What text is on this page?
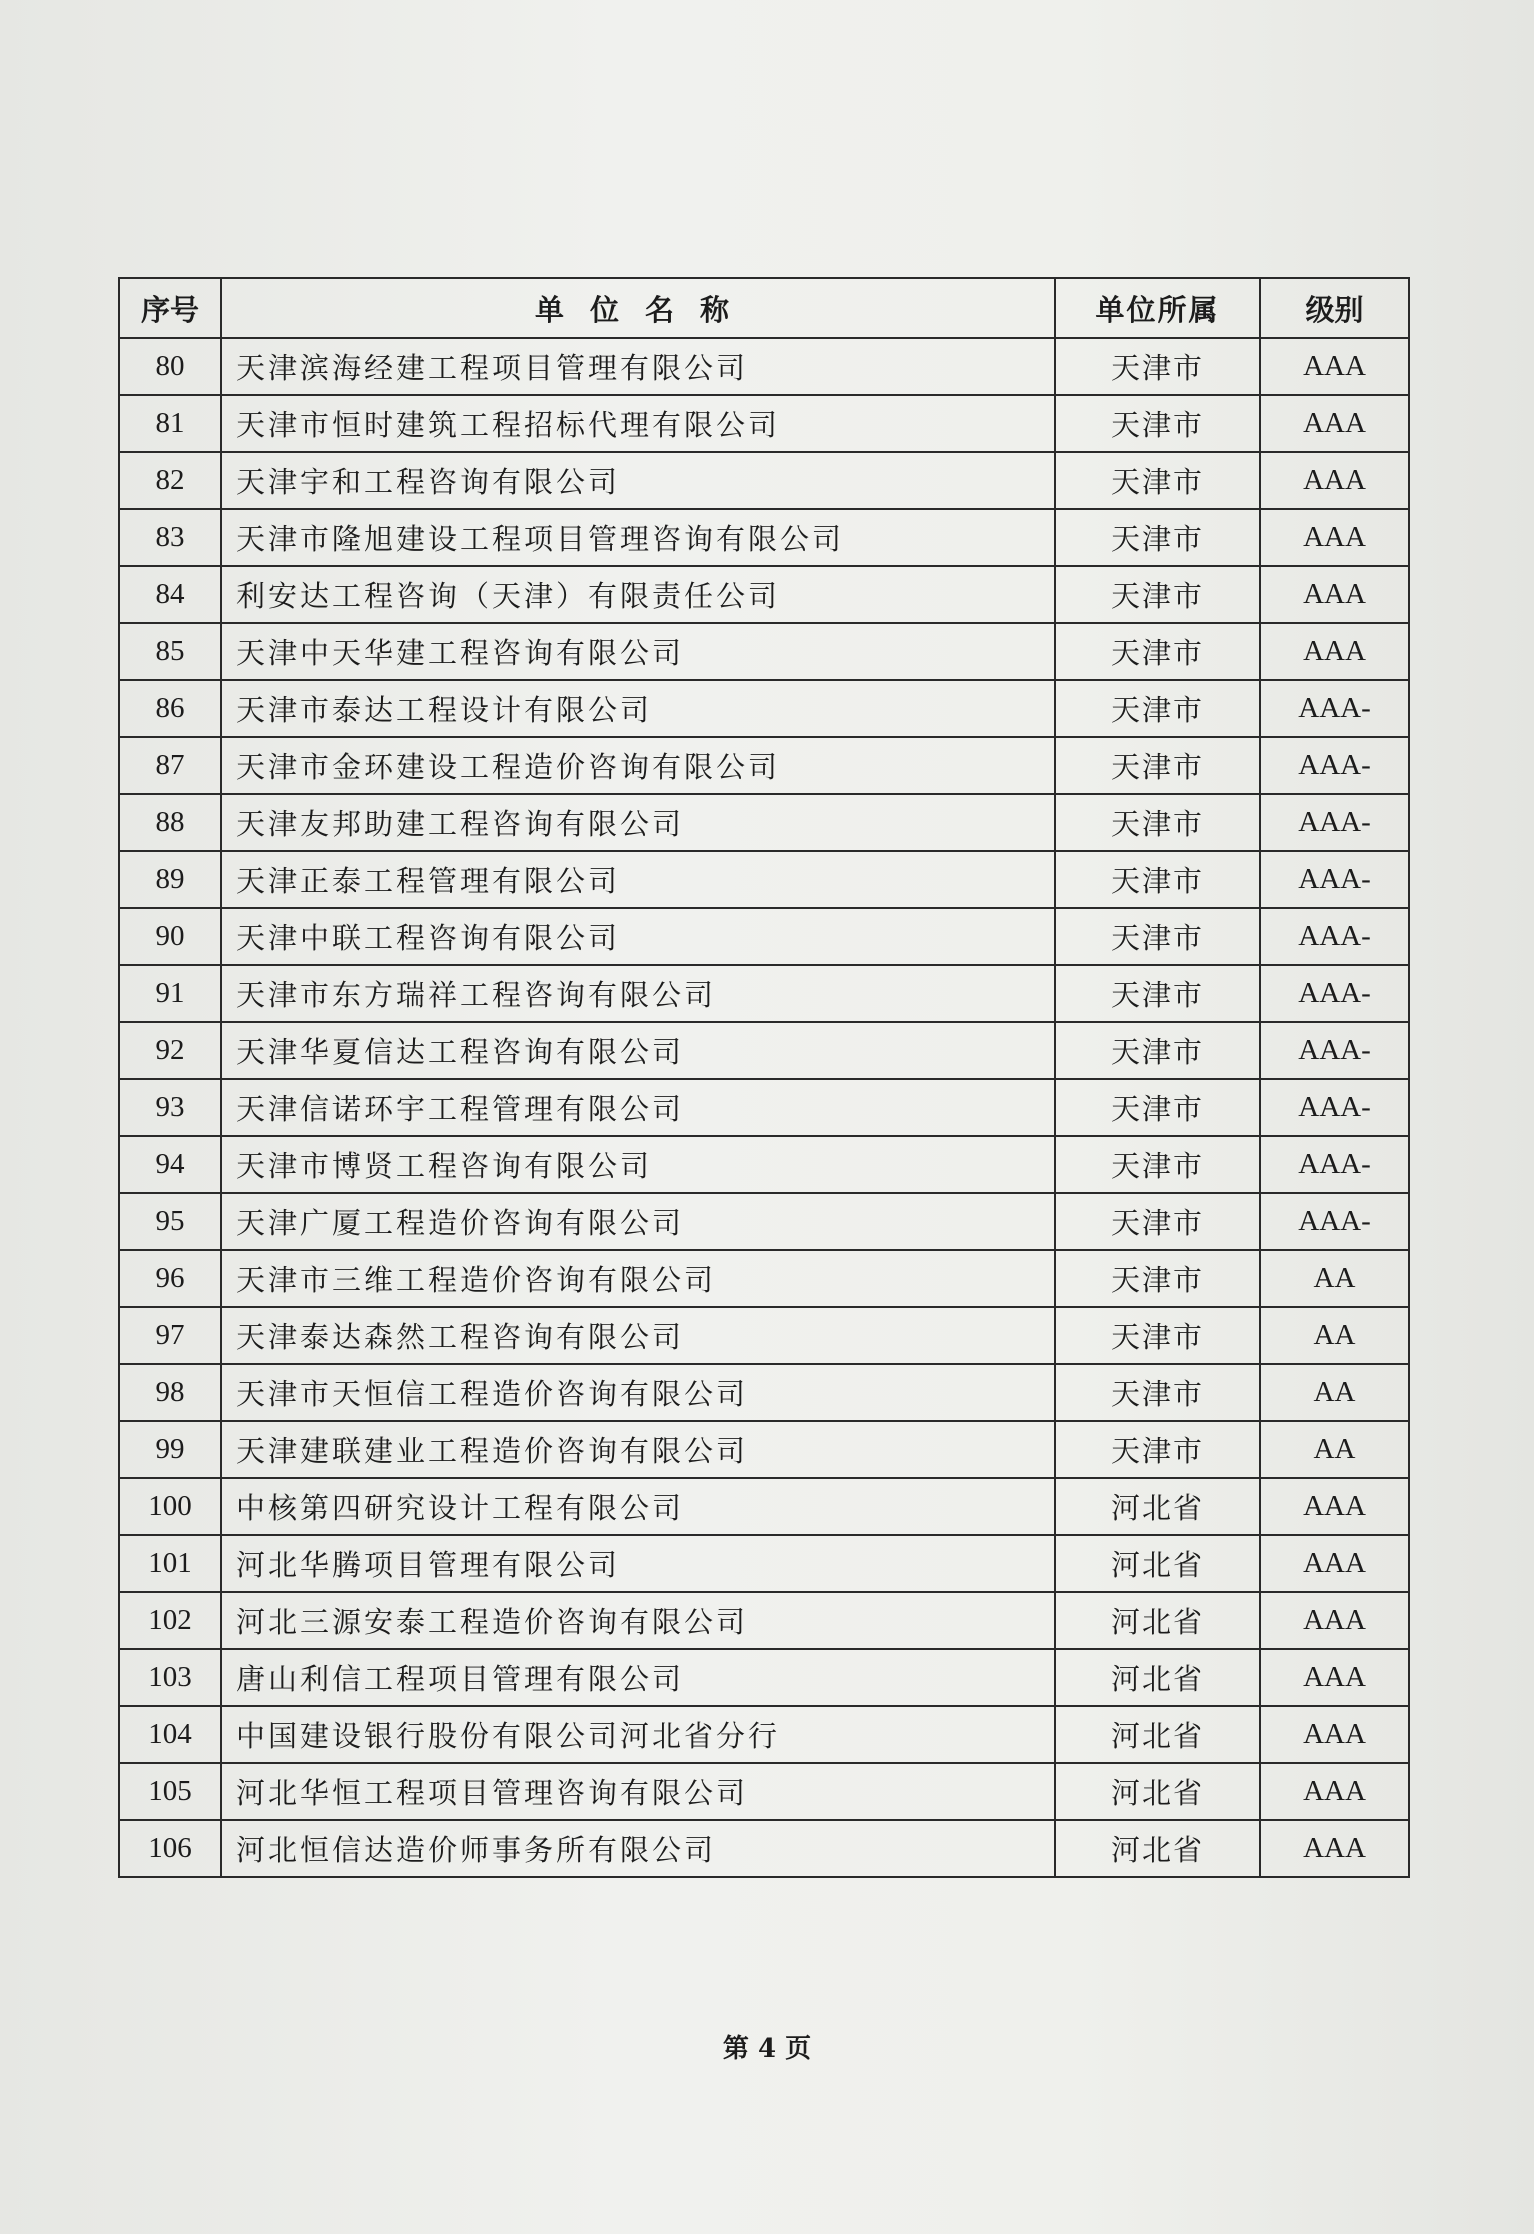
序号	单位名称	单位所属	级别
80	天津滨海经建工程项目管理有限公司	天津市	AAA
81	天津市恒时建筑工程招标代理有限公司	天津市	AAA
82	天津宇和工程咨询有限公司	天津市	AAA
83	天津市隆旭建设工程项目管理咨询有限公司	天津市	AAA
84	利安达工程咨询（天津）有限责任公司	天津市	AAA
85	天津中天华建工程咨询有限公司	天津市	AAA
86	天津市泰达工程设计有限公司	天津市	AAA-
87	天津市金环建设工程造价咨询有限公司	天津市	AAA-
88	天津友邦助建工程咨询有限公司	天津市	AAA-
89	天津正泰工程管理有限公司	天津市	AAA-
90	天津中联工程咨询有限公司	天津市	AAA-
91	天津市东方瑞祥工程咨询有限公司	天津市	AAA-
92	天津华夏信达工程咨询有限公司	天津市	AAA-
93	天津信诺环宇工程管理有限公司	天津市	AAA-
94	天津市博贤工程咨询有限公司	天津市	AAA-
95	天津广厦工程造价咨询有限公司	天津市	AAA-
96	天津市三维工程造价咨询有限公司	天津市	AA
97	天津泰达森然工程咨询有限公司	天津市	AA
98	天津市天恒信工程造价咨询有限公司	天津市	AA
99	天津建联建业工程造价咨询有限公司	天津市	AA
100	中核第四研究设计工程有限公司	河北省	AAA
101	河北华腾项目管理有限公司	河北省	AAA
102	河北三源安泰工程造价咨询有限公司	河北省	AAA
103	唐山利信工程项目管理有限公司	河北省	AAA
104	中国建设银行股份有限公司河北省分行	河北省	AAA
105	河北华恒工程项目管理咨询有限公司	河北省	AAA
106	河北恒信达造价师事务所有限公司	河北省	AAA
第 4 页
